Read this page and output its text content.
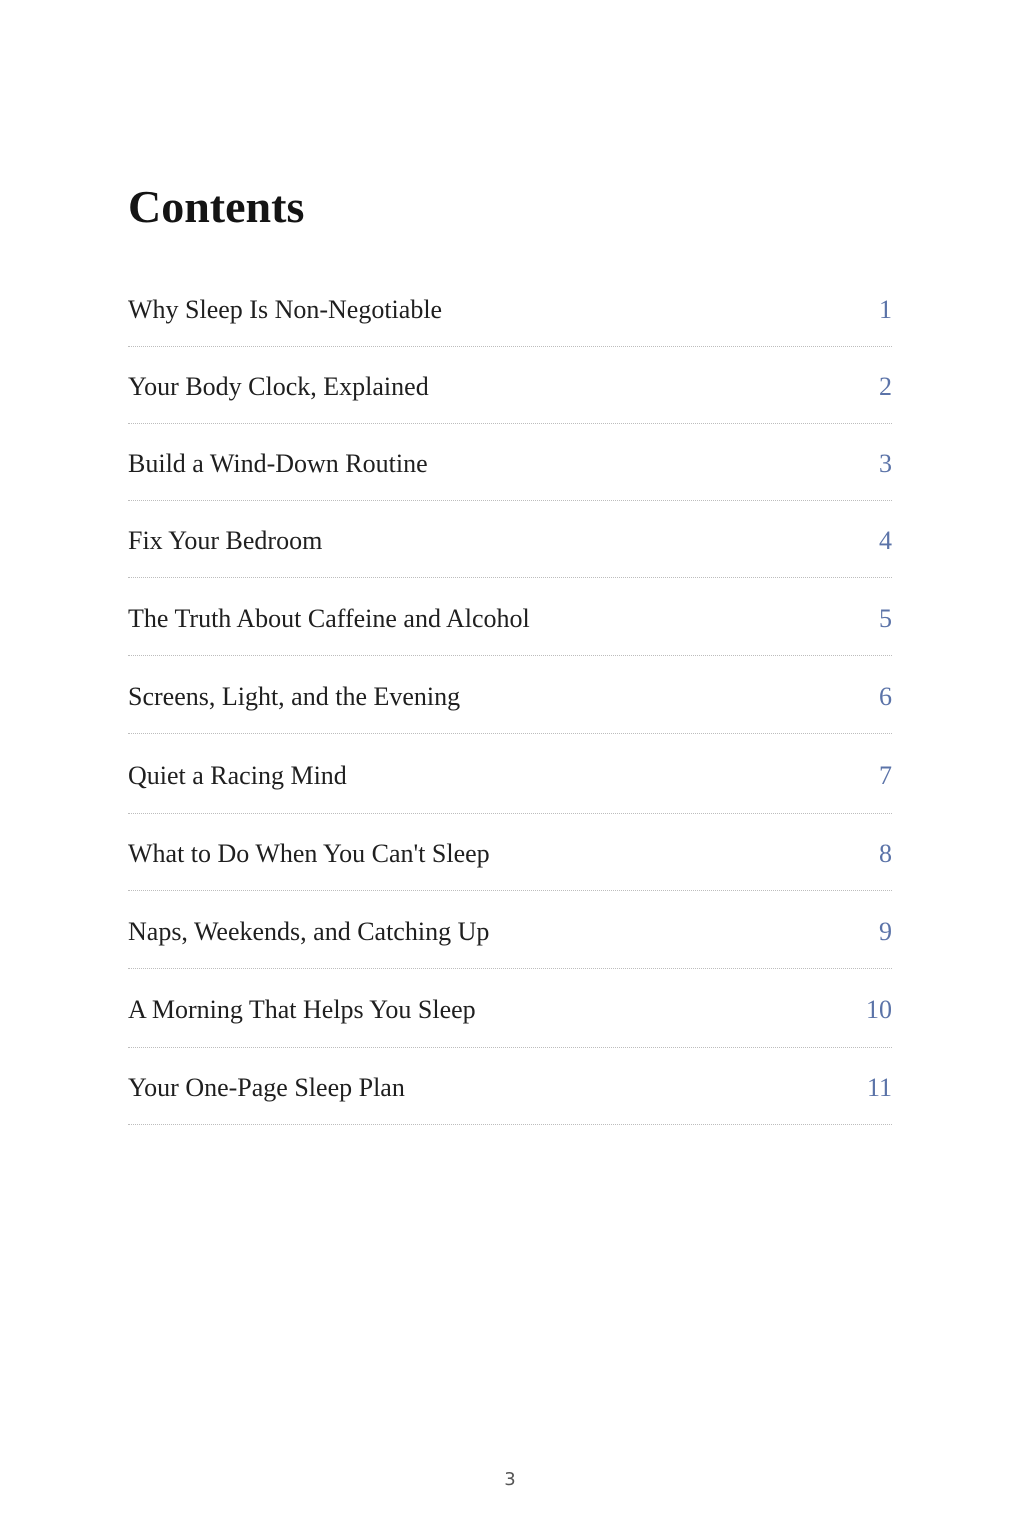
Contents
Why Sleep Is Non-Negotiable	1
Your Body Clock, Explained	2
Build a Wind-Down Routine	3
Fix Your Bedroom	4
The Truth About Caffeine and Alcohol	5
Screens, Light, and the Evening	6
Quiet a Racing Mind	7
What to Do When You Can't Sleep	8
Naps, Weekends, and Catching Up	9
A Morning That Helps You Sleep	10
Your One-Page Sleep Plan	11
3
